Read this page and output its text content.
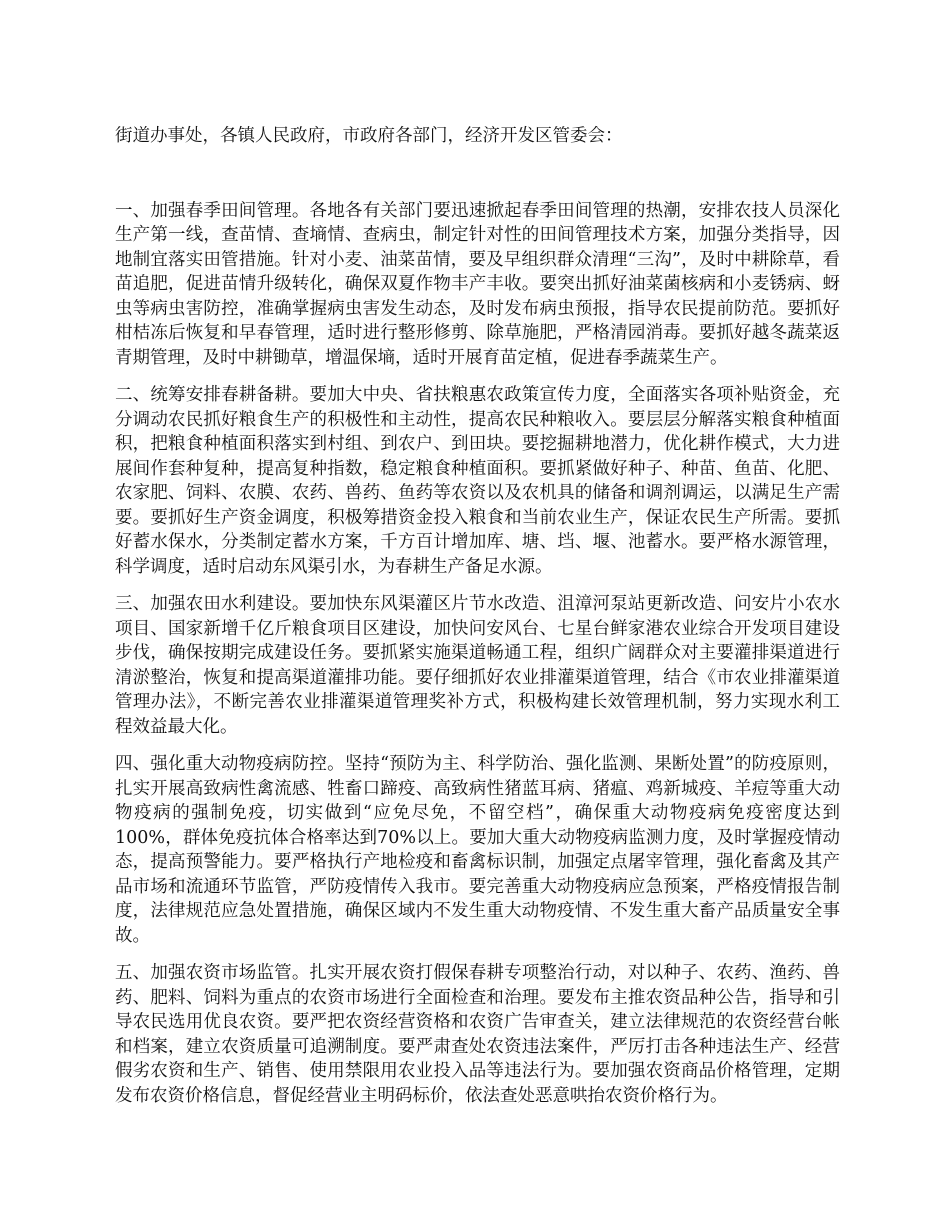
街道办事处，各镇人民政府，市政府各部门，经济开发区管委会：

一、加强春季田间管理。各地各有关部门要迅速掀起春季田间管理的热潮，安排农技人员深化生产第一线，查苗情、查墒情、查病虫，制定针对性的田间管理技术方案，加强分类指导，因地制宜落实田管措施。针对小麦、油菜苗情，要及早组织群众清理“三沟”，及时中耕除草，看苗追肥，促进苗情升级转化，确保双夏作物丰产丰收。要突出抓好油菜菌核病和小麦锈病、蚜虫等病虫害防控，准确掌握病虫害发生动态，及时发布病虫预报，指导农民提前防范。要抓好柑桔冻后恢复和早春管理，适时进行整形修剪、除草施肥，严格清园消毒。要抓好越冬蔬菜返青期管理，及时中耕锄草，增温保墒，适时开展育苗定植，促进春季蔬菜生产。

二、统筹安排春耕备耕。要加大中央、省扶粮惠农政策宣传力度，全面落实各项补贴资金，充分调动农民抓好粮食生产的积极性和主动性，提高农民种粮收入。要层层分解落实粮食种植面积，把粮食种植面积落实到村组、到农户、到田块。要挖掘耕地潜力，优化耕作模式，大力进展间作套种复种，提高复种指数，稳定粮食种植面积。要抓紧做好种子、种苗、鱼苗、化肥、农家肥、饲料、农膜、农药、兽药、鱼药等农资以及农机具的储备和调剂调运，以满足生产需要。要抓好生产资金调度，积极筹措资金投入粮食和当前农业生产，保证农民生产所需。要抓好蓄水保水，分类制定蓄水方案，千方百计增加库、塘、垱、堰、池蓄水。要严格水源管理，科学调度，适时启动东风渠引水，为春耕生产备足水源。

三、加强农田水利建设。要加快东风渠灌区片节水改造、沮漳河泵站更新改造、问安片小农水项目、国家新增千亿斤粮食项目区建设，加快问安风台、七星台鲜家港农业综合开发项目建设步伐，确保按期完成建设任务。要抓紧实施渠道畅通工程，组织广阔群众对主要灌排渠道进行清淤整治，恢复和提高渠道灌排功能。要仔细抓好农业排灌渠道管理，结合《市农业排灌渠道管理办法》，不断完善农业排灌渠道管理奖补方式，积极构建长效管理机制，努力实现水利工程效益最大化。

四、强化重大动物疫病防控。坚持“预防为主、科学防治、强化监测、果断处置”的防疫原则，扎实开展高致病性禽流感、牲畜口蹄疫、高致病性猪蓝耳病、猪瘟、鸡新城疫、羊痘等重大动物疫病的强制免疫，切实做到“应免尽免，不留空档”，确保重大动物疫病免疫密度达到100%，群体免疫抗体合格率达到70%以上。要加大重大动物疫病监测力度，及时掌握疫情动态，提高预警能力。要严格执行产地检疫和畜禽标识制，加强定点屠宰管理，强化畜禽及其产品市场和流通环节监管，严防疫情传入我市。要完善重大动物疫病应急预案，严格疫情报告制度，法律规范应急处置措施，确保区域内不发生重大动物疫情、不发生重大畜产品质量安全事故。

五、加强农资市场监管。扎实开展农资打假保春耕专项整治行动，对以种子、农药、渔药、兽药、肥料、饲料为重点的农资市场进行全面检查和治理。要发布主推农资品种公告，指导和引导农民选用优良农资。要严把农资经营资格和农资广告审查关，建立法律规范的农资经营台帐和档案，建立农资质量可追溯制度。要严肃查处农资违法案件，严厉打击各种违法生产、经营假劣农资和生产、销售、使用禁限用农业投入品等违法行为。要加强农资商品价格管理，定期发布农资价格信息，督促经营业主明码标价，依法查处恶意哄抬农资价格行为。
